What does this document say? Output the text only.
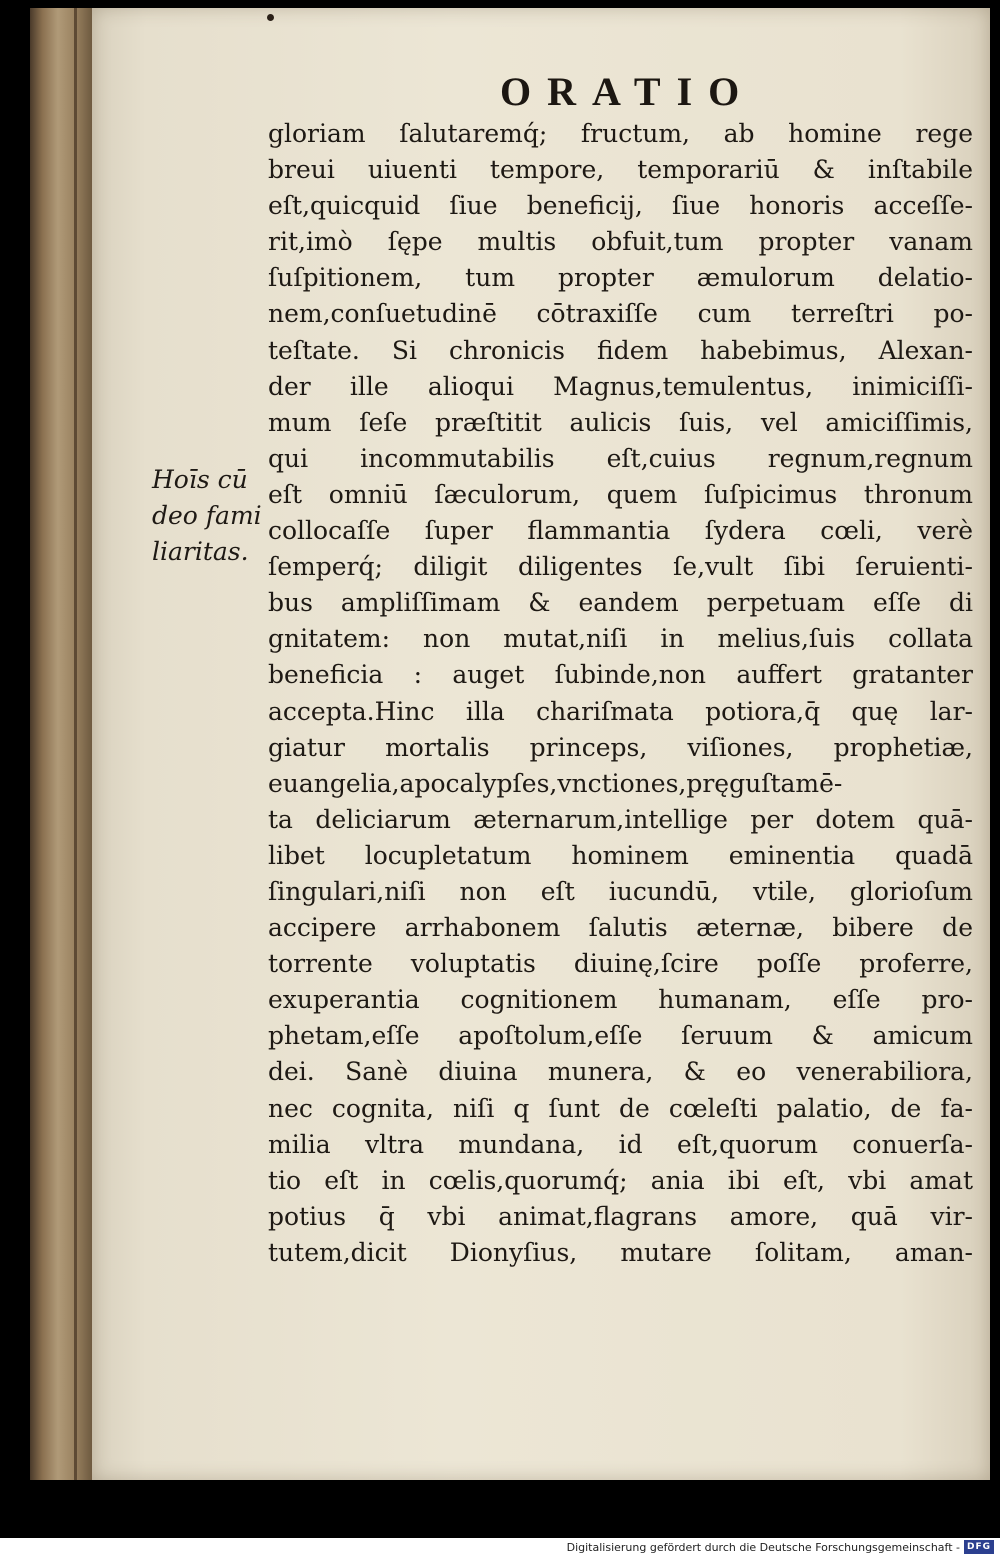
ORATIO
Hoīs cū
deo fami
liaritas.
gloriam ſalutaremq́; fructum, ab homine rege
breui uiuenti tempore, temporariū & inſtabile
eſt,quicquid ſiue beneficij, ſiue honoris acceſſe-
rit,imò ſępe multis obfuit,tum propter vanam
ſuſpitionem, tum propter æmulorum delatio-
nem,conſuetudinē cōtraxiſſe cum terreſtri po-
teſtate. Si chronicis fidem habebimus, Alexan-
der ille alioqui Magnus,temulentus, inimiciſſi-
mum ſeſe præſtitit aulicis ſuis, vel amiciſſimis,
qui incommutabilis eſt,cuius regnum,regnum
eſt omniū ſæculorum, quem ſuſpicimus thronum
collocaſſe ſuper flammantia ſydera cœli, verè
ſemperq́; diligit diligentes ſe,vult ſibi ſeruienti-
bus ampliſſimam & eandem perpetuam eſſe di
gnitatem: non mutat,niſi in melius,ſuis collata
beneficia : auget ſubinde,non auffert gratanter
accepta.Hinc illa chariſmata potiora,q̄ quę lar-
giatur mortalis princeps, viſiones, prophetiæ,
euangelia,apocalypſes,vnctiones,pręguſtamē-
ta deliciarum æternarum,intellige per dotem quā-
libet locupletatum hominem eminentia quadā
ſingulari,niſi non eſt iucundū, vtile, glorioſum
accipere arrhabonem ſalutis æternæ, bibere de
torrente voluptatis diuinę,ſcire poſſe proferre,
exuperantia cognitionem humanam, eſſe pro-
phetam,eſſe apoſtolum,eſſe ſeruum & amicum
dei. Sanè diuina munera, & eo venerabiliora,
nec cognita, niſi q ſunt de cœleſti palatio, de fa-
milia vltra mundana, id eſt,quorum conuerſa-
tio eſt in cœlis,quorumq́; ania ibi eſt, vbi amat
potius q̄ vbi animat,flagrans amore, quā vir-
tutem,dicit Dionyſius, mutare ſolitam, aman-
Digitalisierung gefördert durch die Deutsche Forschungsgemeinschaft - DFG
